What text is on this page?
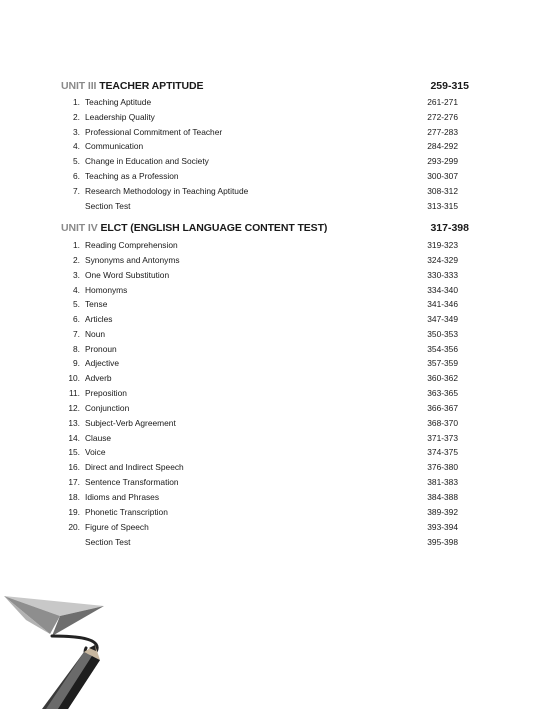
UNIT III TEACHER APTITUDE	259-315
1. Teaching Aptitude	261-271
2. Leadership Quality	272-276
3. Professional Commitment of Teacher	277-283
4. Communication	284-292
5. Change in Education and Society	293-299
6. Teaching as a Profession	300-307
7. Research Methodology in Teaching Aptitude	308-312
Section Test	313-315
UNIT IV ELCT (ENGLISH LANGUAGE CONTENT TEST)	317-398
1. Reading Comprehension	319-323
2. Synonyms and Antonyms	324-329
3. One Word Substitution	330-333
4. Homonyms	334-340
5. Tense	341-346
6. Articles	347-349
7. Noun	350-353
8. Pronoun	354-356
9. Adjective	357-359
10. Adverb	360-362
11. Preposition	363-365
12. Conjunction	366-367
13. Subject-Verb Agreement	368-370
14. Clause	371-373
15. Voice	374-375
16. Direct and Indirect Speech	376-380
17. Sentence Transformation	381-383
18. Idioms and Phrases	384-388
19. Phonetic Transcription	389-392
20. Figure of Speech	393-394
Section Test	395-398
